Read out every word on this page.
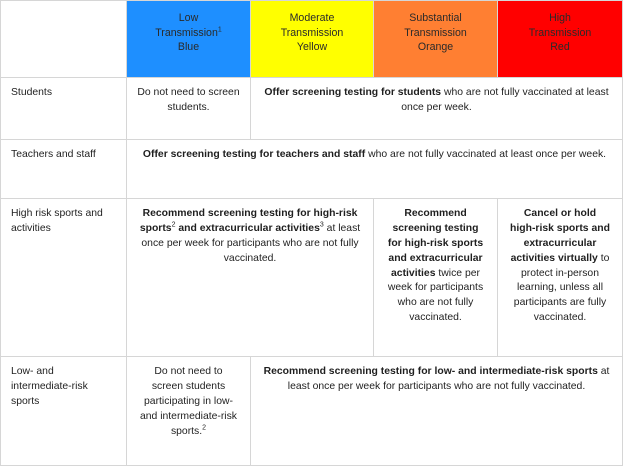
	Low
Transmission$^1$
Blue	Moderate
Transmission
Yellow	Substantial
Transmission
Orange	High
Transmission
Red
Students	Do not need to screen students.	Offer screening testing for students who are not fully vaccinated at least once per week.		
Teachers and staff	Offer screening testing for teachers and staff who are not fully vaccinated at least once per week.			
High risk sports and activities	Recommend screening testing for high-risk sports$^2$ and extracurricular activities$^3$ at least once per week for participants who are not fully vaccinated.		Recommend screening testing for high-risk sports and extracurricular activities twice per week for participants who are not fully vaccinated.	Cancel or hold high-risk sports and extracurricular activities virtually to protect in-person learning, unless all participants are fully vaccinated.
Low- and intermediate-risk sports	Do not need to screen students participating in low- and intermediate-risk sports.$^2$	Recommend screening testing for low- and intermediate-risk sports at least once per week for participants who are not fully vaccinated.		
